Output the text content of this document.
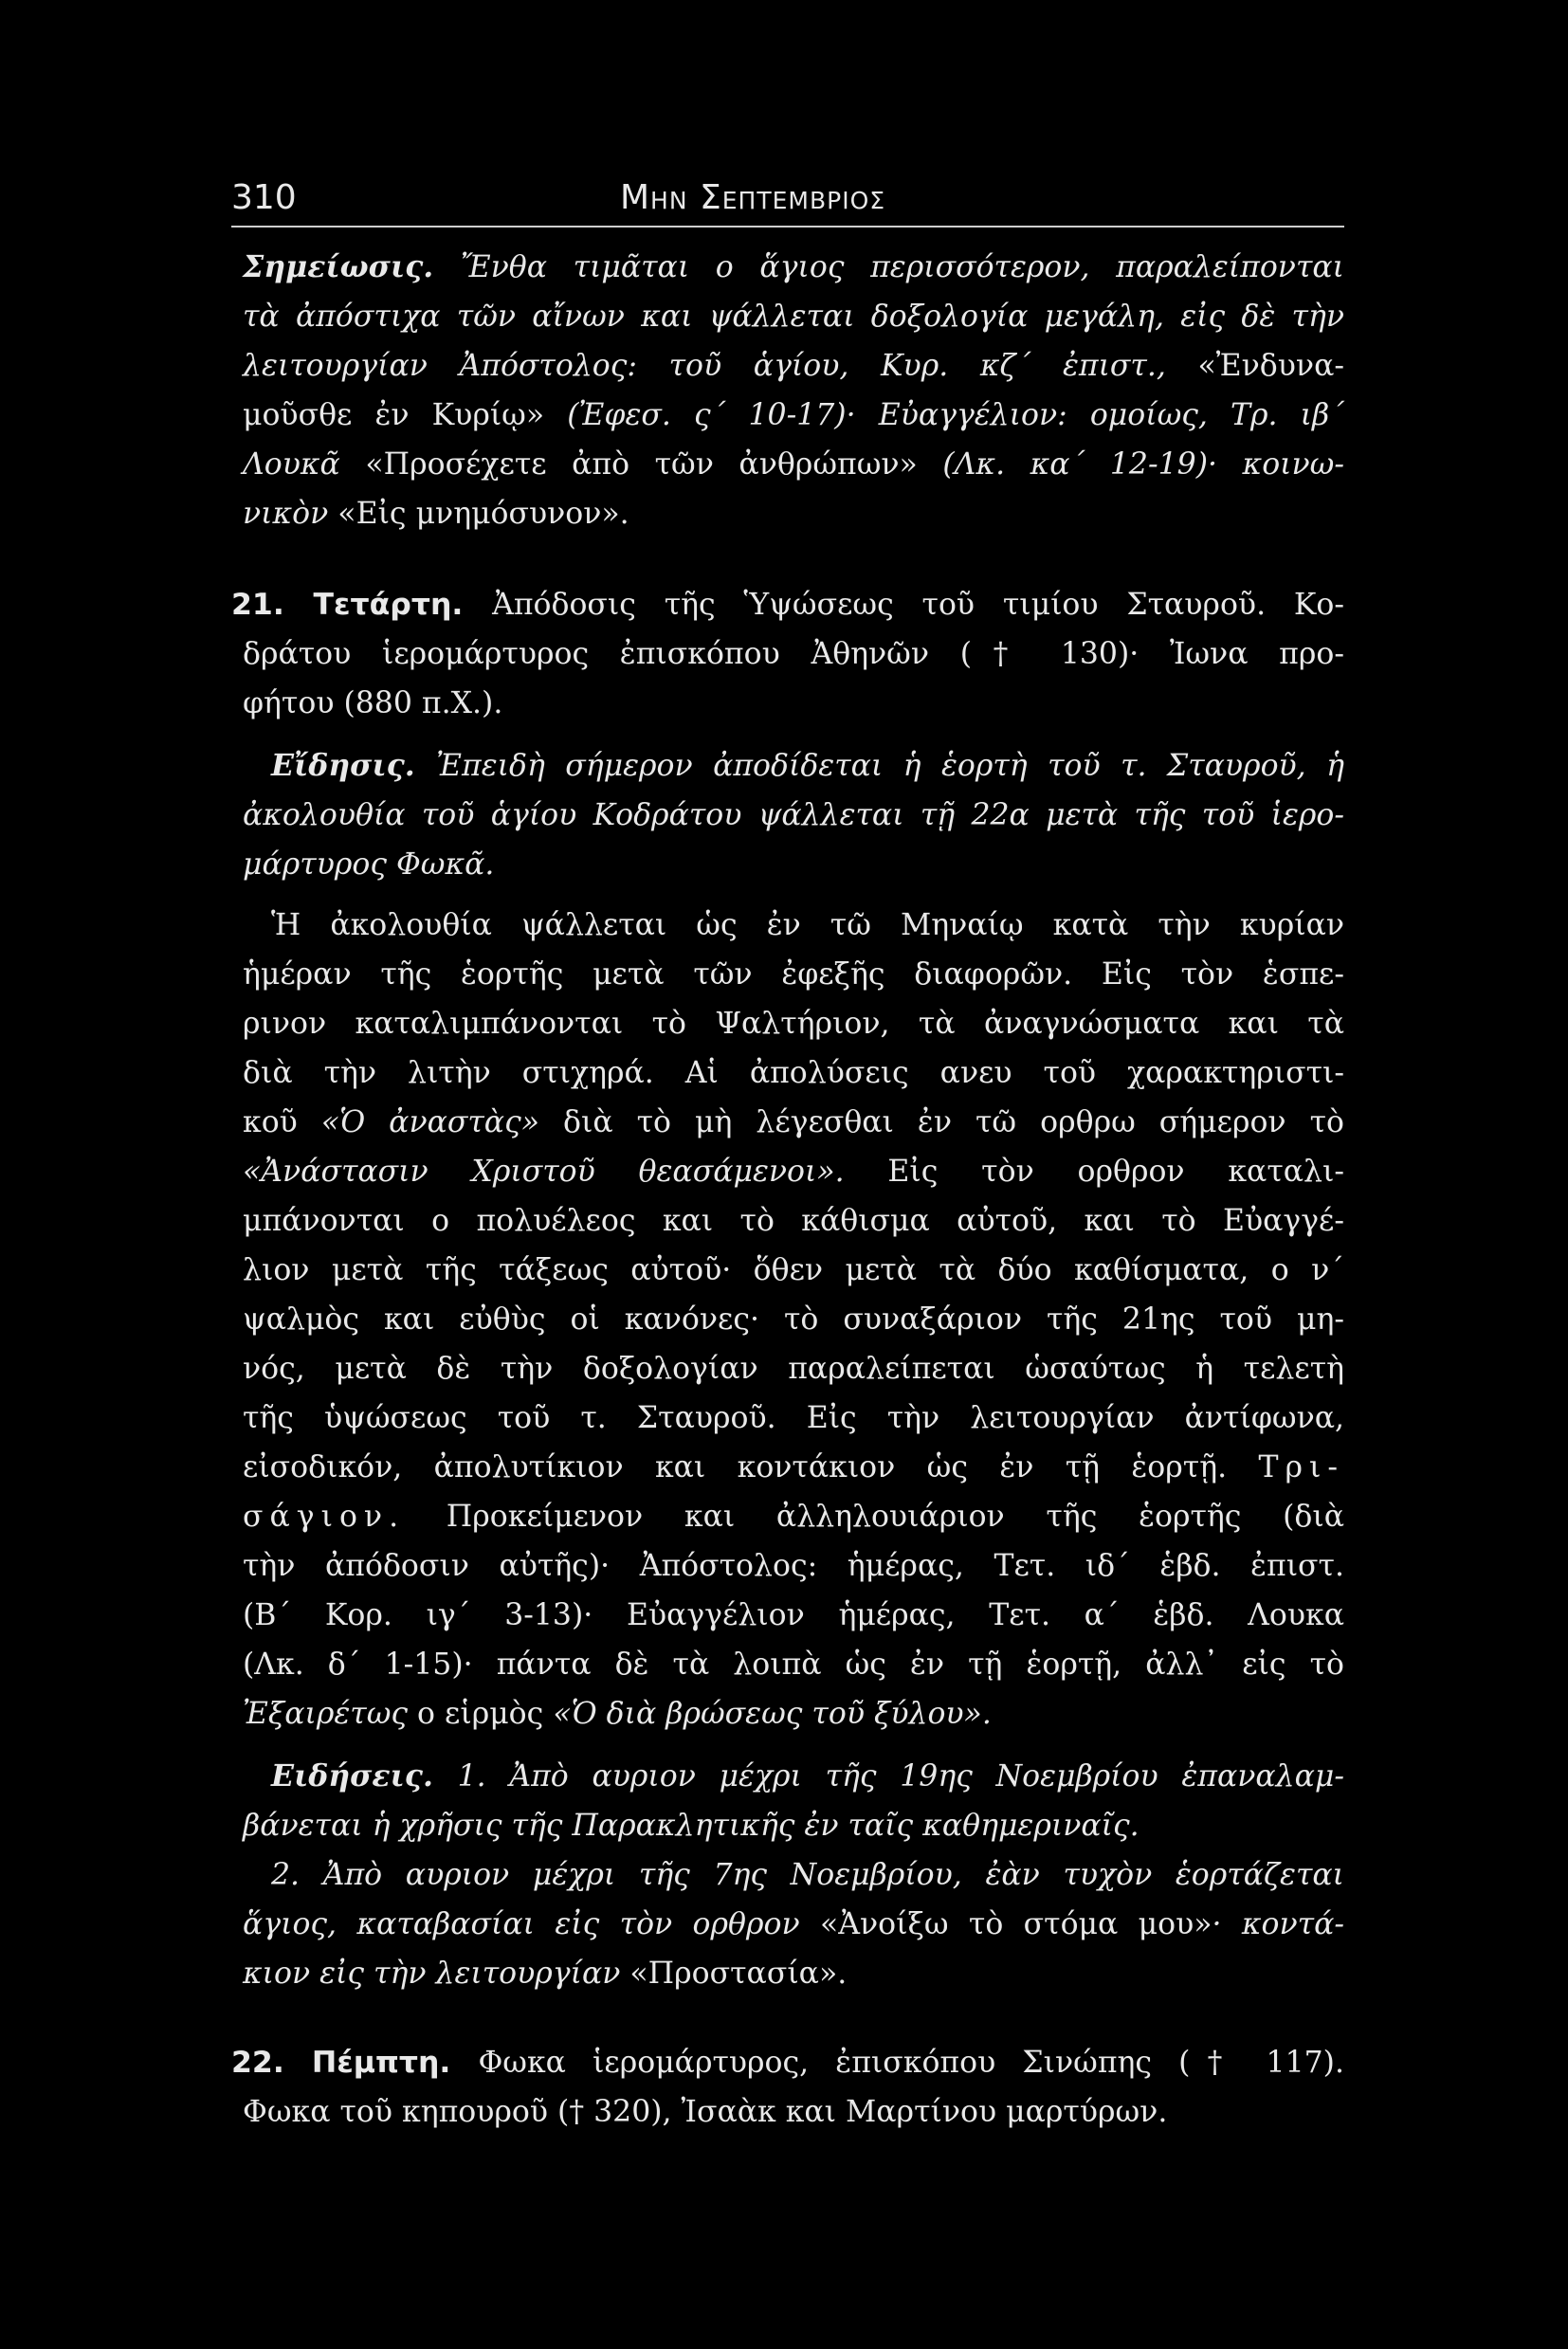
310	Μην Σεπτεμβριος
Σημείωσις. Ἔνθα τιμᾶται ο ἅγιος περισσότερον, παραλείπονται
τὰ ἀπόστιχα τῶν αἴνων και ψάλλεται δοξολογία μεγάλη, εἰς δὲ τὴν
λειτουργίαν Ἀπόστολος: τοῦ ἁγίου, Κυρ. κζ΄ ἐπιστ., «Ἐνδυνα-
μοῦσθε ἐν Κυρίῳ» (Ἐφεσ. ς΄ 10-17)· Εὐαγγέλιον: ομοίως, Τρ. ιβ΄
Λουκᾶ «Προσέχετε ἀπὸ τῶν ἀνθρώπων» (Λκ. κα΄ 12-19)· κοινω-
νικὸν «Εἰς μνημόσυνον».
21. Τετάρτη. Ἀπόδοσις τῆς Ὑψώσεως τοῦ τιμίου Σταυροῦ. Κο-
δράτου ἱερομάρτυρος ἐπισκόπου Ἀθηνῶν († 130)· Ἰωνα προ-
φήτου (880 π.Χ.).
Εἴδησις. Ἐπειδὴ σήμερον ἀποδίδεται ἡ ἑορτὴ τοῦ τ. Σταυροῦ, ἡ
ἀκολουθία τοῦ ἁγίου Κοδράτου ψάλλεται τῇ 22α μετὰ τῆς τοῦ ἱερο-
μάρτυρος Φωκᾶ.
Ἡ ἀκολουθία ψάλλεται ὡς ἐν τῶ Μηναίῳ κατὰ τὴν κυρίαν
ἡμέραν τῆς ἑορτῆς μετὰ τῶν ἐφεξῆς διαφορῶν. Εἰς τὸν ἑσπε-
ρινον καταλιμπάνονται τὸ Ψαλτήριον, τὰ ἀναγνώσματα και τὰ
διὰ τὴν λιτὴν στιχηρά. Αἱ ἀπολύσεις ανευ τοῦ χαρακτηριστι-
κοῦ «Ὁ ἀναστὰς» διὰ τὸ μὴ λέγεσθαι ἐν τῶ ορθρω σήμερον τὸ
«Ἀνάστασιν Χριστοῦ θεασάμενοι». Εἰς τὸν ορθρον καταλι-
μπάνονται ο πολυέλεος και τὸ κάθισμα αὐτοῦ, και τὸ Εὐαγγέ-
λιον μετὰ τῆς τάξεως αὐτοῦ· ὅθεν μετὰ τὰ δύο καθίσματα, ο ν΄
ψαλμὸς και εὐθὺς οἱ κανόνες· τὸ συναξάριον τῆς 21ης τοῦ μη-
νός, μετὰ δὲ τὴν δοξολογίαν παραλείπεται ὡσαύτως ἡ τελετὴ
τῆς ὑψώσεως τοῦ τ. Σταυροῦ. Εἰς τὴν λειτουργίαν ἀντίφωνα,
εἰσοδικόν, ἀπολυτίκιον και κοντάκιον ὡς ἐν τῇ ἑορτῇ. Τρι-
σάγιον. Προκείμενον και ἀλληλουιάριον τῆς ἑορτῆς (διὰ
τὴν ἀπόδοσιν αὐτῆς)· Ἀπόστολος: ἡμέρας, Τετ. ιδ΄ ἑβδ. ἐπιστ.
(Β΄ Κορ. ιγ΄ 3-13)· Εὐαγγέλιον ἡμέρας, Τετ. α΄ ἑβδ. Λουκα
(Λκ. δ΄ 1-15)· πάντα δὲ τὰ λοιπὰ ὡς ἐν τῇ ἑορτῇ, ἀλλ᾽ εἰς τὸ
Ἐξαιρέτως ο εἱρμὸς «Ὁ διὰ βρώσεως τοῦ ξύλου».
Ειδήσεις. 1. Ἀπὸ αυριον μέχρι τῆς 19ης Νοεμβρίου ἐπαναλαμ-
βάνεται ἡ χρῆσις τῆς Παρακλητικῆς ἐν ταῖς καθημεριναῖς.
2. Ἀπὸ αυριον μέχρι τῆς 7ης Νοεμβρίου, ἐὰν τυχὸν ἑορτάζεται
ἅγιος, καταβασίαι εἰς τὸν ορθρον «Ἀνοίξω τὸ στόμα μου»· κοντά-
κιον εἰς τὴν λειτουργίαν «Προστασία».
22. Πέμπτη. Φωκα ἱερομάρτυρος, ἐπισκόπου Σινώπης († 117).
Φωκα τοῦ κηπουροῦ († 320), Ἰσαὰκ και Μαρτίνου μαρτύρων.
